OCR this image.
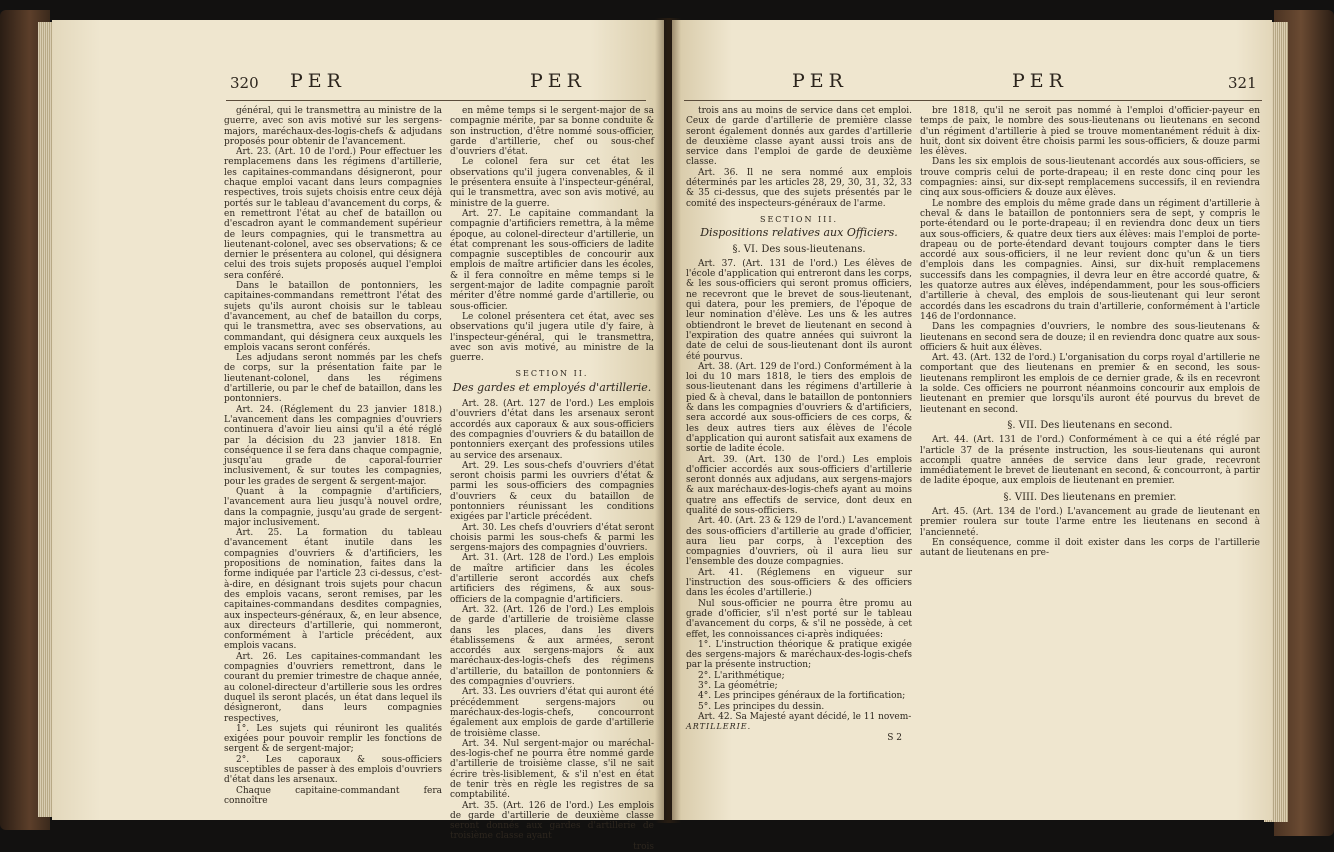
320 PER	PER

général, qui le transmettra au ministre de la guerre, avec son avis motivé sur les sergens-majors, maréchaux-des-logis-chefs & adjudans proposés pour obtenir de l'avancement.

Art. 23. (Art. 10 de l'ord.) Pour effectuer les remplacemens dans les régimens d'artillerie, les capitaines-commandans désigneront, pour chaque emploi vacant dans leurs compagnies respectives, trois sujets choisis entre ceux déjà portés sur le tableau d'avancement du corps, & en remettront l'état au chef de bataillon ou d'escadron ayant le commandement supérieur de leurs compagnies, qui le transmettra au lieutenant-colonel, avec ses observations; & ce dernier le présentera au colonel, qui désignera celui des trois sujets proposés auquel l'emploi sera conféré.

Dans le bataillon de pontonniers, les capitaines-commandans remettront l'état des sujets qu'ils auront choisis sur le tableau d'avancement, au chef de bataillon du corps, qui le transmettra, avec ses observations, au commandant, qui désignera ceux auxquels les emplois vacans seront conférés.

Les adjudans seront nommés par les chefs de corps, sur la présentation faite par le lieutenant-colonel, dans les régimens d'artillerie, ou par le chef de bataillon, dans les pontonniers.

Art. 24. (Réglement du 23 janvier 1818.) L'avancement dans les compagnies d'ouvriers continuera d'avoir lieu ainsi qu'il a été réglé par la décision du 23 janvier 1818. En conséquence il se fera dans chaque compagnie, jusqu'au grade de caporal-fourrier inclusivement, & sur toutes les compagnies, pour les grades de sergent & sergent-major.

Quant à la compagnie d'artificiers, l'avancement aura lieu jusqu'à nouvel ordre, dans la compagnie, jusqu'au grade de sergent-major inclusivement.

Art. 25. La formation du tableau d'avancement étant inutile dans les compagnies d'ouvriers & d'artificiers, les propositions de nomination, faites dans la forme indiquée par l'article 23 ci-dessus, c'est-à-dire, en désignant trois sujets pour chacun des emplois vacans, seront remises, par les capitaines-commandans desdites compagnies, aux inspecteurs-généraux, &, en leur absence, aux directeurs d'artillerie, qui nommeront, conformément à l'article précédent, aux emplois vacans.

Art. 26. Les capitaines-commandant les compagnies d'ouvriers remettront, dans le courant du premier trimestre de chaque année, au colonel-directeur d'artillerie sous les ordres duquel ils seront placés, un état dans lequel ils désigneront, dans leurs compagnies respectives,

1°. Les sujets qui réuniront les qualités exigées pour pouvoir remplir les fonctions de sergent & de sergent-major;

2°. Les caporaux & sous-officiers susceptibles de passer à des emplois d'ouvriers d'état dans les arsenaux.

Chaque capitaine-commandant fera connoître

en même temps si le sergent-major de sa compagnie mérite, par sa bonne conduite & son instruction, d'être nommé sous-officier, garde d'artillerie, chef ou sous-chef d'ouvriers d'état.

Le colonel fera sur cet état les observations qu'il jugera convenables, & il le présentera ensuite à l'inspecteur-général, qui le transmettra, avec son avis motivé, au ministre de la guerre.

Art. 27. Le capitaine commandant la compagnie d'artificiers remettra, à la même époque, au colonel-directeur d'artillerie, un état comprenant les sous-officiers de ladite compagnie susceptibles de concourir aux emplois de maître artificier dans les écoles, & il fera connoître en même temps si le sergent-major de ladite compagnie paroît mériter d'être nommé garde d'artillerie, ou sous-officier.

Le colonel présentera cet état, avec ses observations qu'il jugera utile d'y faire, à l'inspecteur-général, qui le transmettra, avec son avis motivé, au ministre de la guerre.

SECTION II.

Des gardes et employés d'artillerie.

Art. 28. (Art. 127 de l'ord.) Les emplois d'ouvriers d'état dans les arsenaux seront accordés aux caporaux & aux sous-officiers des compagnies d'ouvriers & du bataillon de pontonniers exerçant des professions utiles au service des arsenaux.

Art. 29. Les sous-chefs d'ouvriers d'état seront choisis parmi les ouvriers d'état & parmi les sous-officiers des compagnies d'ouvriers & ceux du bataillon de pontonniers réunissant les conditions exigées par l'article précédent.

Art. 30. Les chefs d'ouvriers d'état seront choisis parmi les sous-chefs & parmi les sergens-majors des compagnies d'ouvriers.

Art. 31. (Art. 128 de l'ord.) Les emplois de maître artificier dans les écoles d'artillerie seront accordés aux chefs artificiers des régimens, & aux sous-officiers de la compagnie d'artificiers.

Art. 32. (Art. 126 de l'ord.) Les emplois de garde d'artillerie de troisième classe dans les places, dans les divers établissemens & aux armées, seront accordés aux sergens-majors & aux maréchaux-des-logis-chefs des régimens d'artillerie, du bataillon de pontonniers & des compagnies d'ouvriers.

Art. 33. Les ouvriers d'état qui auront été précédemment sergens-majors ou maréchaux-des-logis-chefs, concourront également aux emplois de garde d'artillerie de troisième classe.

Art. 34. Nul sergent-major ou maréchal-des-logis-chef ne pourra être nommé garde d'artillerie de troisième classe, s'il ne sait écrire très-lisiblement, & s'il n'est en état de tenir très en règle les registres de sa comptabilité.

Art. 35. (Art. 126 de l'ord.) Les emplois de garde d'artillerie de deuxième classe seront donnés aux gardes d'artillerie de troisième classe ayant

trois

PER	PER	321

trois ans au moins de service dans cet emploi. Ceux de garde d'artillerie de première classe seront également donnés aux gardes d'artillerie de deuxième classe ayant aussi trois ans de service dans l'emploi de garde de deuxième classe.

Art. 36. Il ne sera nommé aux emplois déterminés par les articles 28, 29, 30, 31, 32, 33 & 35 ci-dessus, que des sujets présentés par le comité des inspecteurs-généraux de l'arme.

SECTION III.

Dispositions relatives aux Officiers.

§. VI. Des sous-lieutenans.

Art. 37. (Art. 131 de l'ord.) Les élèves de l'école d'application qui entreront dans les corps, & les sous-officiers qui seront promus officiers, ne recevront que le brevet de sous-lieutenant, qui datera, pour les premiers, de l'époque de leur nomination d'élève. Les uns & les autres obtiendront le brevet de lieutenant en second à l'expiration des quatre années qui suivront la date de celui de sous-lieutenant dont ils auront été pourvus.

Art. 38. (Art. 129 de l'ord.) Conformément à la loi du 10 mars 1818, le tiers des emplois de sous-lieutenant dans les régimens d'artillerie à pied & à cheval, dans le bataillon de pontonniers & dans les compagnies d'ouvriers & d'artificiers, sera accordé aux sous-officiers de ces corps, & les deux autres tiers aux élèves de l'école d'application qui auront satisfait aux examens de sortie de ladite école.

Art. 39. (Art. 130 de l'ord.) Les emplois d'officier accordés aux sous-officiers d'artillerie seront donnés aux adjudans, aux sergens-majors & aux maréchaux-des-logis-chefs ayant au moins quatre ans effectifs de service, dont deux en qualité de sous-officiers.

Art. 40. (Art. 23 & 129 de l'ord.) L'avancement des sous-officiers d'artillerie au grade d'officier, aura lieu par corps, à l'exception des compagnies d'ouvriers, où il aura lieu sur l'ensemble des douze compagnies.

Art. 41. (Réglemens en vigueur sur l'instruction des sous-officiers & des officiers dans les écoles d'artillerie.)

Nul sous-officier ne pourra être promu au grade d'officier, s'il n'est porté sur le tableau d'avancement du corps, & s'il ne possède, à cet effet, les connoissances ci-après indiquées:

1°. L'instruction théorique & pratique exigée des sergens-majors & maréchaux-des-logis-chefs par la présente instruction;

2°. L'arithmétique;

3°. La géométrie;

4°. Les principes généraux de la fortification;

5°. Les principes du dessin.

Art. 42. Sa Majesté ayant décidé, le 11 novem-

ARTILLERIE.

S 2

bre 1818, qu'il ne seroit pas nommé à l'emploi d'officier-payeur en temps de paix, le nombre des sous-lieutenans ou lieutenans en second d'un régiment d'artillerie à pied se trouve momentanément réduit à dix-huit, dont six doivent être choisis parmi les sous-officiers, & douze parmi les élèves.

Dans les six emplois de sous-lieutenant accordés aux sous-officiers, se trouve compris celui de porte-drapeau; il en reste donc cinq pour les compagnies: ainsi, sur dix-sept remplacemens successifs, il en reviendra cinq aux sous-officiers & douze aux élèves.

Le nombre des emplois du même grade dans un régiment d'artillerie à cheval & dans le bataillon de pontonniers sera de sept, y compris le porte-étendard ou le porte-drapeau; il en reviendra donc deux un tiers aux sous-officiers, & quatre deux tiers aux élèves: mais l'emploi de porte-drapeau ou de porte-étendard devant toujours compter dans le tiers accordé aux sous-officiers, il ne leur revient donc qu'un & un tiers d'emplois dans les compagnies. Ainsi, sur dix-huit remplacemens successifs dans les compagnies, il devra leur en être accordé quatre, & les quatorze autres aux élèves, indépendamment, pour les sous-officiers d'artillerie à cheval, des emplois de sous-lieutenant qui leur seront accordés dans les escadrons du train d'artillerie, conformément à l'article 146 de l'ordonnance.

Dans les compagnies d'ouvriers, le nombre des sous-lieutenans & lieutenans en second sera de douze; il en reviendra donc quatre aux sous-officiers & huit aux élèves.

Art. 43. (Art. 132 de l'ord.) L'organisation du corps royal d'artillerie ne comportant que des lieutenans en premier & en second, les sous-lieutenans rempliront les emplois de ce dernier grade, & ils en recevront la solde. Ces officiers ne pourront néanmoins concourir aux emplois de lieutenant en premier que lorsqu'ils auront été pourvus du brevet de lieutenant en second.

§. VII. Des lieutenans en second.

Art. 44. (Art. 131 de l'ord.) Conformément à ce qui a été réglé par l'article 37 de la présente instruction, les sous-lieutenans qui auront accompli quatre années de service dans leur grade, recevront immédiatement le brevet de lieutenant en second, & concourront, à partir de ladite époque, aux emplois de lieutenant en premier.

§. VIII. Des lieutenans en premier.

Art. 45. (Art. 134 de l'ord.) L'avancement au grade de lieutenant en premier roulera sur toute l'arme entre les lieutenans en second à l'ancienneté.

En conséquence, comme il doit exister dans les corps de l'artillerie autant de lieutenans en pre-
